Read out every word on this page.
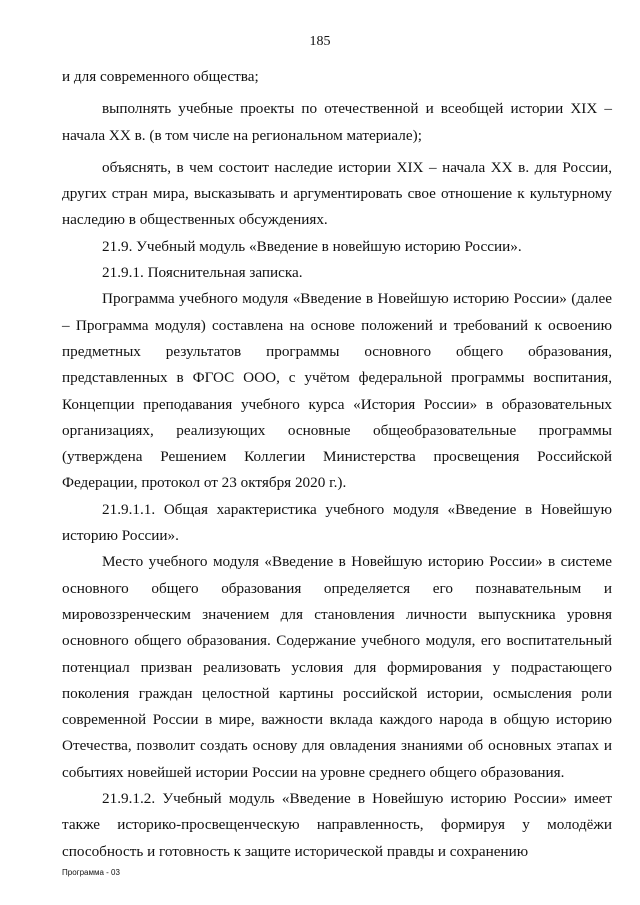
185

и для современного общества;

выполнять учебные проекты по отечественной и всеобщей истории XIX – начала XX в. (в том числе на региональном материале);

объяснять, в чем состоит наследие истории XIX – начала XX в. для России, других стран мира, высказывать и аргументировать свое отношение к культурному наследию в общественных обсуждениях.

21.9. Учебный модуль «Введение в новейшую историю России».

21.9.1. Пояснительная записка.

Программа учебного модуля «Введение в Новейшую историю России» (далее – Программа модуля) составлена на основе положений и требований к освоению предметных результатов программы основного общего образования, представленных в ФГОС ООО, с учётом федеральной программы воспитания, Концепции преподавания учебного курса «История России» в образовательных организациях, реализующих основные общеобразовательные программы (утверждена Решением Коллегии Министерства просвещения Российской Федерации, протокол от 23 октября 2020 г.).

21.9.1.1. Общая характеристика учебного модуля «Введение в Новейшую историю России».

Место учебного модуля «Введение в Новейшую историю России» в системе основного общего образования определяется его познавательным и мировоззренческим значением для становления личности выпускника уровня основного общего образования. Содержание учебного модуля, его воспитательный потенциал призван реализовать условия для формирования у подрастающего поколения граждан целостной картины российской истории, осмысления роли современной России в мире, важности вклада каждого народа в общую историю Отечества, позволит создать основу для овладения знаниями об основных этапах и событиях новейшей истории России на уровне среднего общего образования.

21.9.1.2. Учебный модуль «Введение в Новейшую историю России» имеет также историко-просвещенческую направленность, формируя у молодёжи способность и готовность к защите исторической правды и сохранению

Программа - 03
